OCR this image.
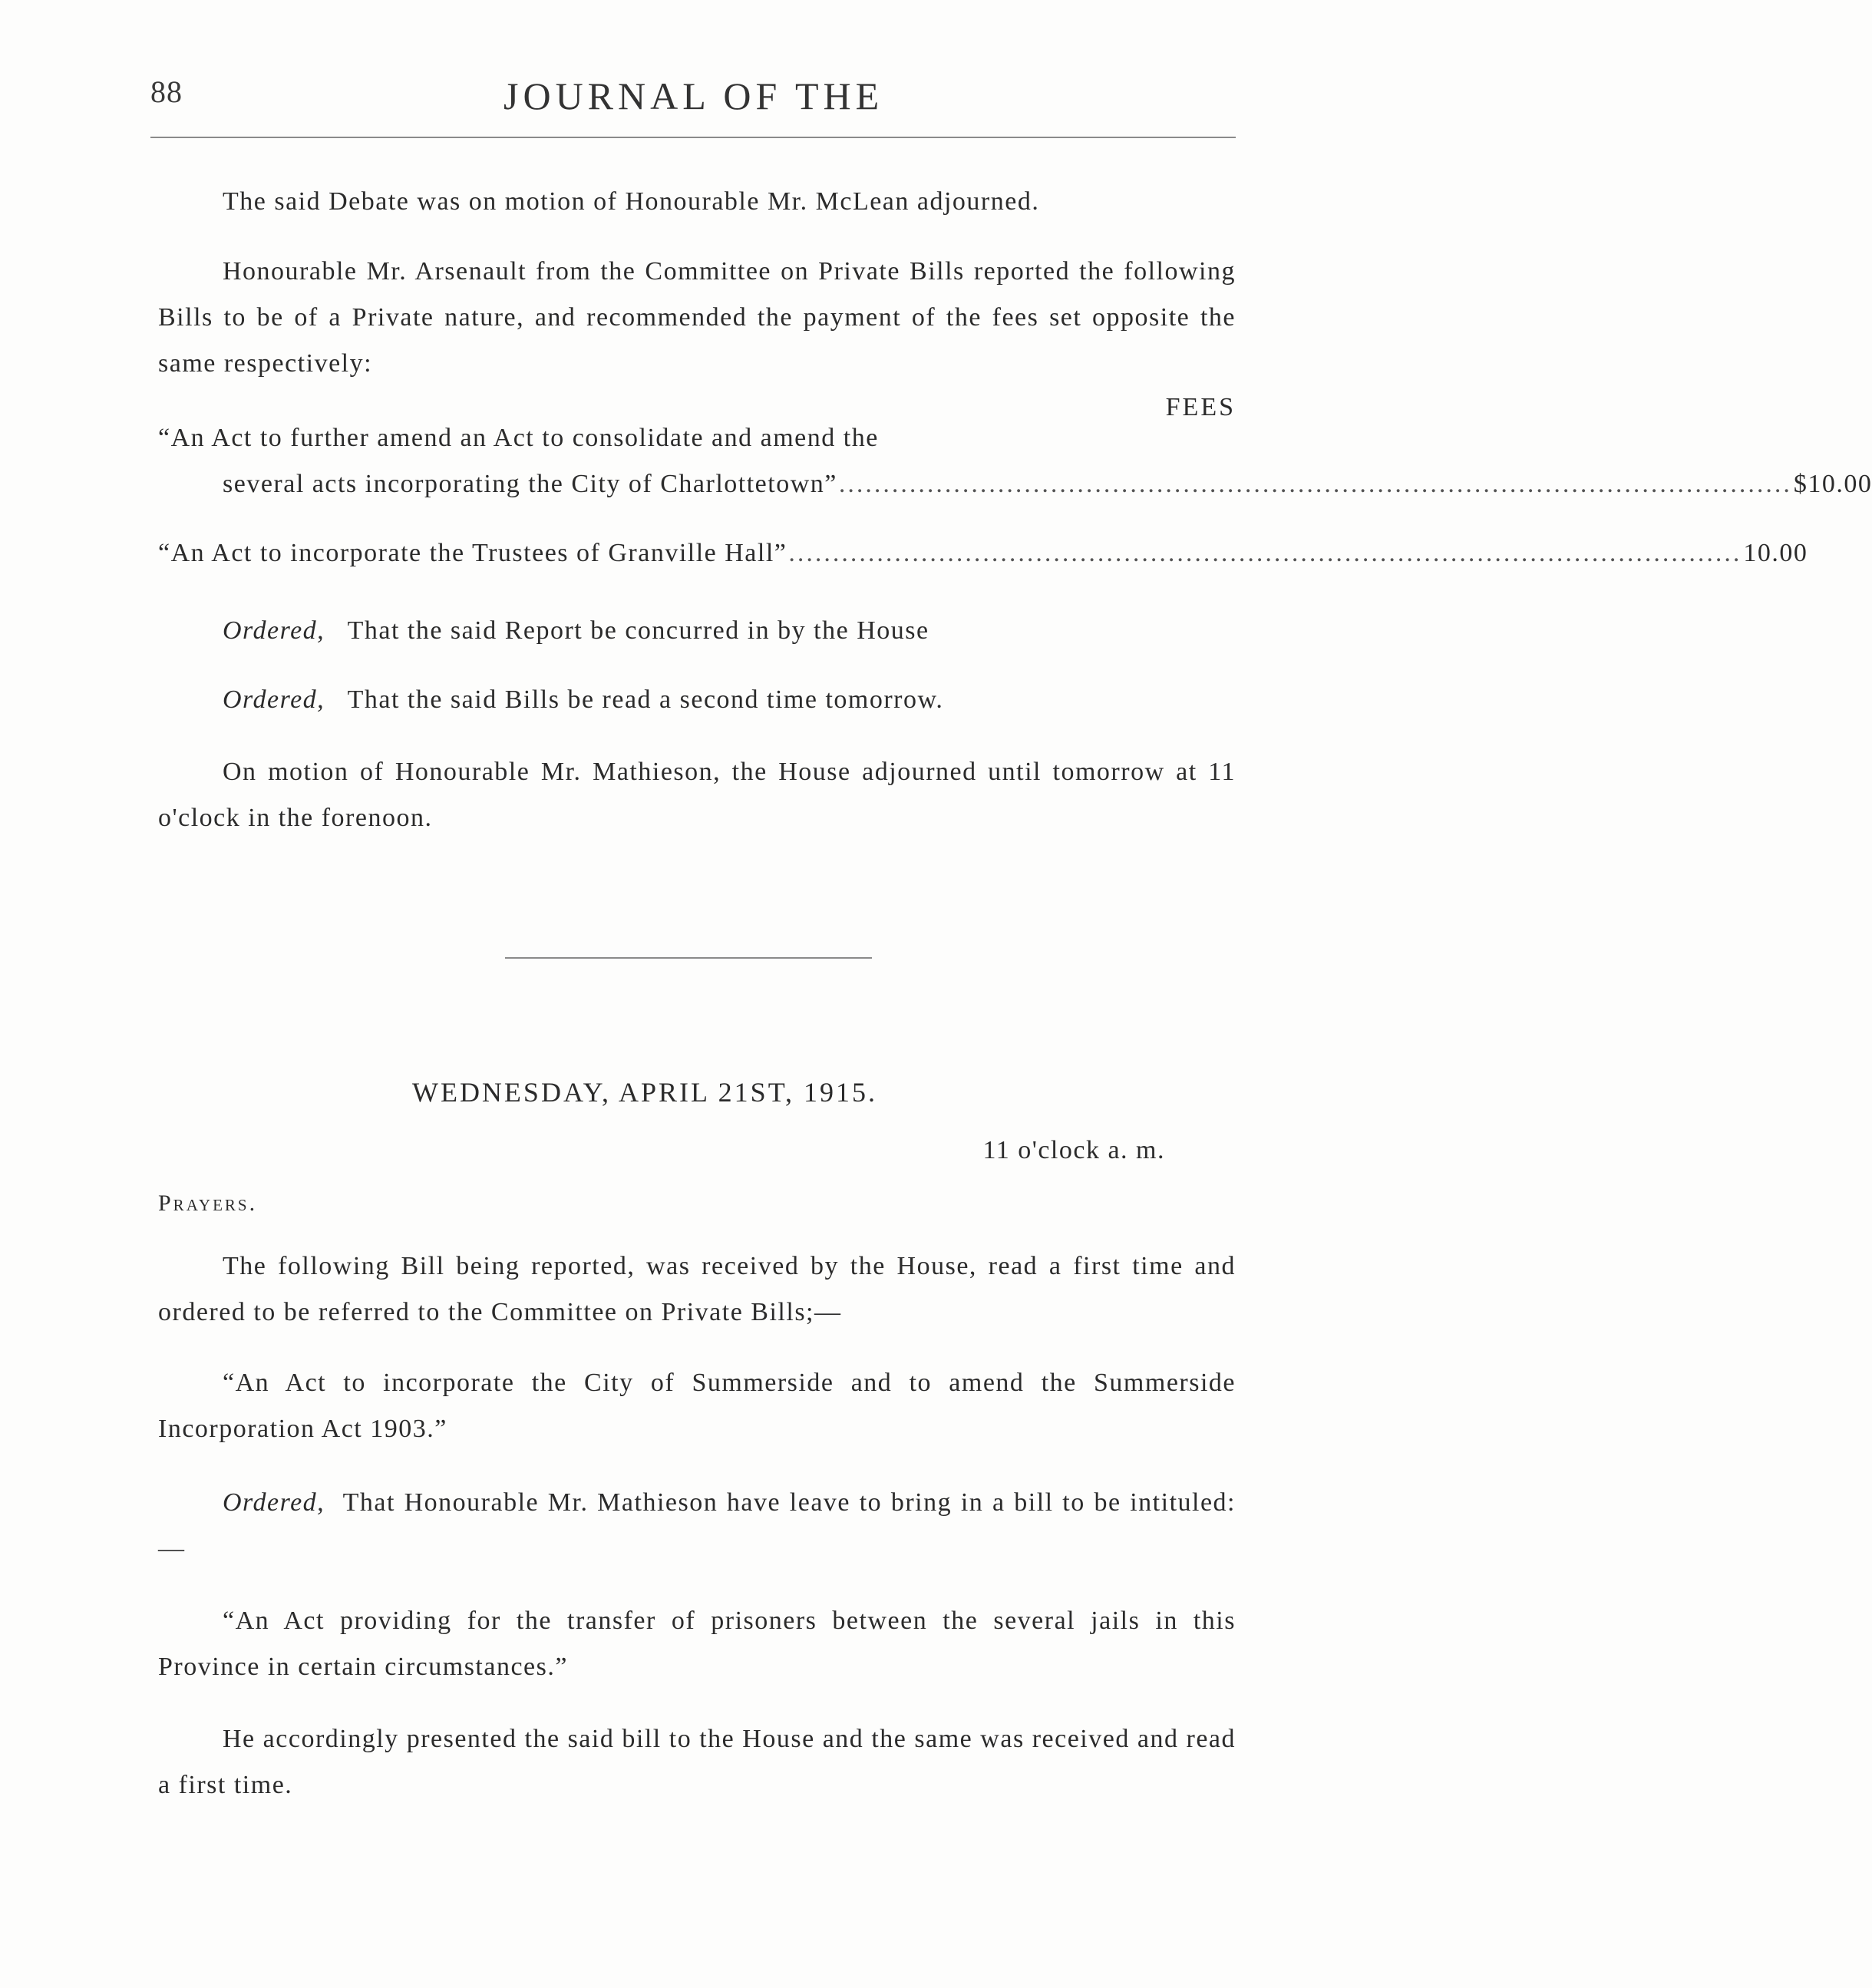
88	JOURNAL OF THE

The said Debate was on motion of Honourable Mr. McLean adjourned.

Honourable Mr. Arsenault from the Committee on Private Bills reported the following Bills to be of a Private nature, and recommended the payment of the fees set opposite the same respectively:

FEES
“An Act to further amend an Act to consolidate and amend the
several acts incorporating the City of Charlottetown” ............................................................................................................ $10.00
“An Act to incorporate the Trustees of Granville Hall” ............................................................................................................ 10.00

Ordered, That the said Report be concurred in by the House

Ordered, That the said Bills be read a second time tomorrow.

On motion of Honourable Mr. Mathieson, the House adjourned until tomorrow at 11 o'clock in the forenoon.

WEDNESDAY, APRIL 21ST, 1915.
11 o'clock a. m.
Prayers.

The following Bill being reported, was received by the House, read a first time and ordered to be referred to the Committee on Private Bills;—

“An Act to incorporate the City of Summerside and to amend the Summerside Incorporation Act 1903.”

Ordered, That Honourable Mr. Mathieson have leave to bring in a bill to be intituled:—

“An Act providing for the transfer of prisoners between the several jails in this Province in certain circumstances.”

He accordingly presented the said bill to the House and the same was received and read a first time.
